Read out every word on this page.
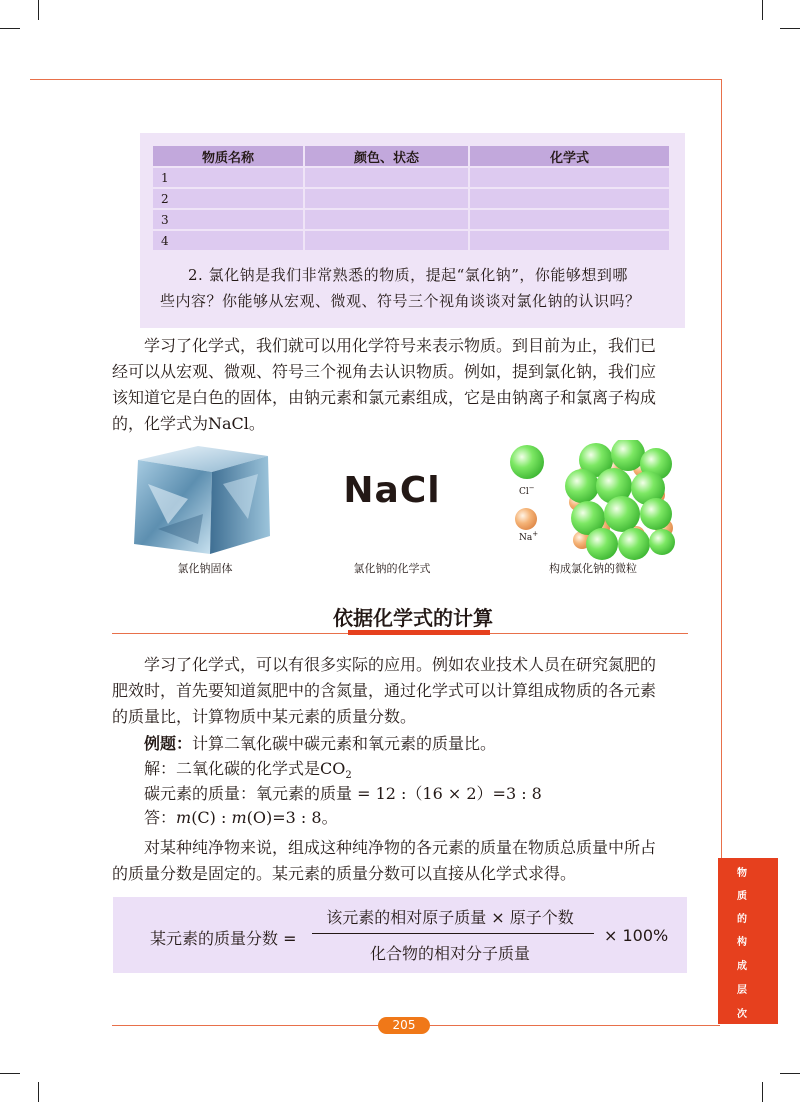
物质名称	颜色、状态	化学式
1		
2		
3		
4		
2. 氯化钠是我们非常熟悉的物质，提起“氯化钠”，你能够想到哪
些内容？你能够从宏观、微观、符号三个视角谈谈对氯化钠的认识吗？
学习了化学式，我们就可以用化学符号来表示物质。到目前为止，我们已
经可以从宏观、微观、符号三个视角去认识物质。例如，提到氯化钠，我们应
该知道它是白色的固体，由钠元素和氯元素组成，它是由钠离子和氯离子构成
的，化学式为NaCl。
NaCl	Cl−
Na+
氯化钠固体	氯化钠的化学式	构成氯化钠的微粒
依据化学式的计算
学习了化学式，可以有很多实际的应用。例如农业技术人员在研究氮肥的
肥效时，首先要知道氮肥中的含氮量，通过化学式可以计算组成物质的各元素
的质量比，计算物质中某元素的质量分数。
例题：计算二氧化碳中碳元素和氧元素的质量比。
解：二氧化碳的化学式是$CO_2$
碳元素的质量：氧元素的质量 = 12 :（16 × 2）=3 : 8
答：m(C) : m(O)=3 : 8。
对某种纯净物来说，组成这种纯净物的各元素的质量在物质总质量中所占
的质量分数是固定的。某元素的质量分数可以直接从化学式求得。
某元素的质量分数 =
该元素的相对原子质量 × 原子个数
化合物的相对分子质量
× 100%
物
质
的
构
成
层
次
205
